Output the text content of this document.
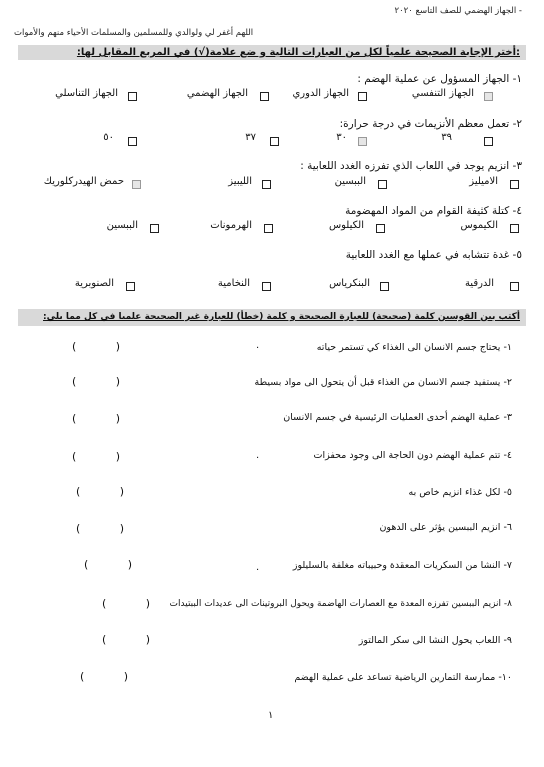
- الجهاز الهضمي للصف التاسع ٢٠٢٠
اللهم أغفر لي ولوالدي وللمسلمين والمسلمات الأحياء منهم والأموات
:أختر الإجابة الصحيحة علمياً لكل من العبارات التالية و ضع علامة(√) في المربع المقابل لها:
١- الجهاز المسؤول عن عملية الهضم :
الجهاز التنفسي
الجهاز الدوري
الجهاز الهضمي
الجهاز التناسلي
٢- تعمل معظم الأنزيمات في درجة حرارة:
٣٩
٣٠
٣٧
٥٠
٣- انزيم يوجد في اللعاب الذي تفرزه الغدد اللعابية :
الاميليز
الببسين
الليبيز
حمض الهيدركلوريك
٤- كتلة كثيفة القوام من المواد المهضومة
الكيموس
الكيلوس
الهرمونات
الببسين
٥- غدة تتشابه في عملها مع الغدد اللعابية
الدرقية
البنكرياس
النخامية
الصنوبرية
أكتب بين القوسين كلمة (صحيحة) للعبارة الصحيحة و كلمة (خطأ) للعبارة غير الصحيحة علميا في كل مما يلي:
١- يحتاج جسم الانسان الى الغذاء كي تستمر حياته
.
( )
٢- يستفيد جسم الانسان من الغذاء قبل أن يتحول الى مواد بسيطة
( )
٣- عملية الهضم أحدى العمليات الرئيسية في جسم الانسان
( )
٤- تتم عملية الهضم دون الحاجة الى وجود محفزات
.
( )
٥- لكل غذاء انزيم خاص به
( )
٦- انزيم الببسين يؤثر على الدهون
( )
٧- النشا من السكريات المعقدة وحبيباته مغلفة بالسليلوز
.
( )
٨- انزيم الببسين تفرزه المعدة مع العصارات الهاضمة ويحول البروتينات الى عديدات الببتيدات
( )
٩- اللعاب يحول النشا الى سكر المالتوز
( )
١٠- ممارسة التمارين الرياضية تساعد على عملية الهضم
( )
١
